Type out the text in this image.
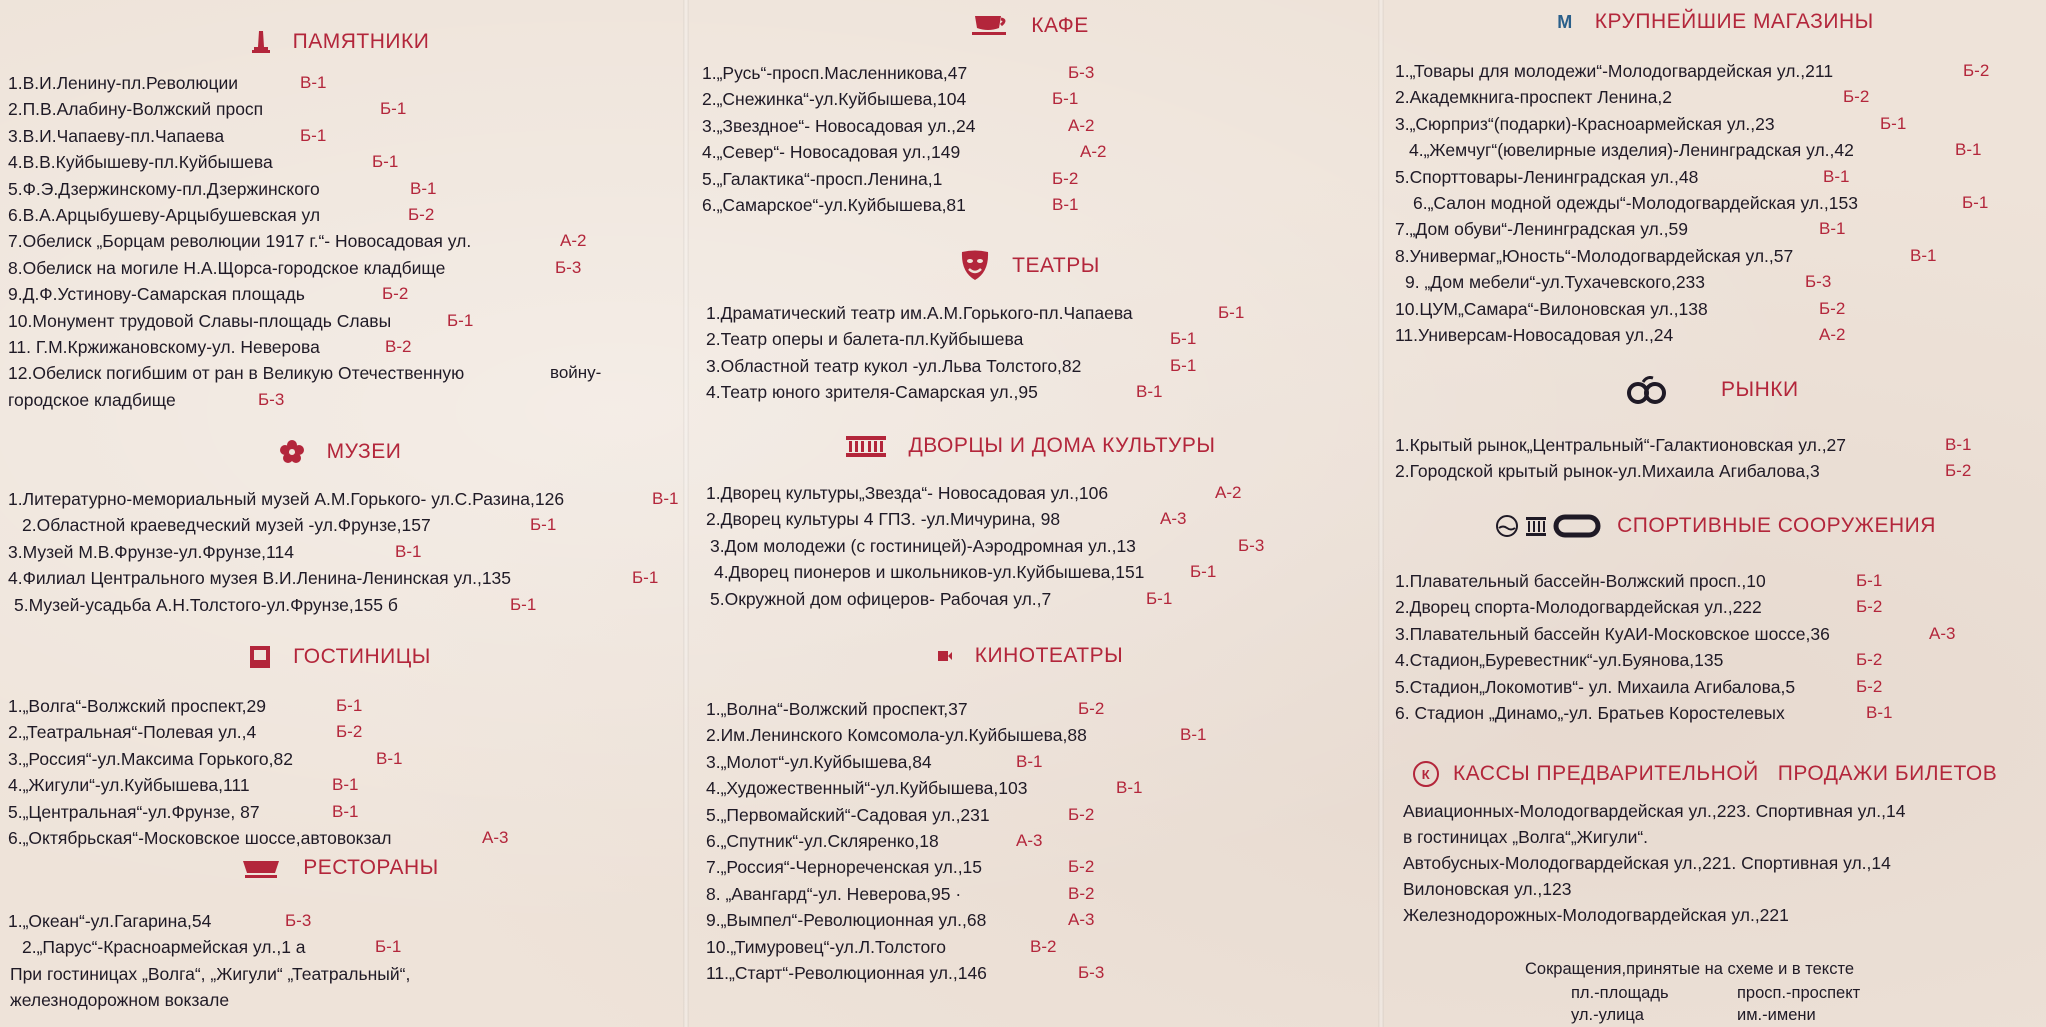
ПАМЯТНИКИ
1.В.И.Ленину-пл.Революции	В-1
2.П.В.Алабину-Волжский просп	Б-1
3.В.И.Чапаеву-пл.Чапаева	Б-1
4.В.В.Куйбышеву-пл.Куйбышева	Б-1
5.Ф.Э.Дзержинскому-пл.Дзержинского	В-1
6.В.А.Арцыбушеву-Арцыбушевская ул	Б-2
7.Обелиск „Борцам революции 1917 г.“- Новосадовая ул.	А-2
8.Обелиск на могиле Н.А.Щорса-городское кладбище	Б-3
9.Д.Ф.Устинову-Самарская площадь	Б-2
10.Монумент трудовой Славы-площадь Славы	Б-1
11. Г.М.Кржижановскому-ул. Неверова	В-2
12.Обелиск погибшим от ран в Великую Отечественную	войну-
городское кладбище	Б-3
МУЗЕИ
1.Литературно-мемориальный музей А.М.Горького- ул.С.Разина,126	В-1
2.Областной краеведческий музей -ул.Фрунзе,157	Б-1
3.Музей М.В.Фрунзе-ул.Фрунзе,114	В-1
4.Филиал Центрального музея В.И.Ленина-Ленинская ул.,135	Б-1
5.Музей-усадьба А.Н.Толстого-ул.Фрунзе,155 б	Б-1
ГОСТИНИЦЫ
1.„Волга“-Волжский проспект,29	Б-1
2.„Театральная“-Полевая ул.,4	Б-2
3.„Россия“-ул.Максима Горького,82	В-1
4.„Жигули“-ул.Куйбышева,111	В-1
5.„Центральная“-ул.Фрунзе, 87	В-1
6.„Октябрьская“-Московское шоссе,автовокзал	А-3
РЕСТОРАНЫ
1.„Океан“-ул.Гагарина,54	Б-3
2.„Парус“-Красноармейская ул.,1 а	Б-1
При гостиницах „Волга“, „Жигули“ „Театральный“,
железнодорожном вокзале
КАФЕ
1.„Русь“-просп.Масленникова,47	Б-3
2.„Снежинка“-ул.Куйбышева,104	Б-1
3.„Звездное“- Новосадовая ул.,24	А-2
4.„Север“- Новосадовая ул.,149	А-2
5.„Галактика“-просп.Ленина,1	Б-2
6.„Самарское“-ул.Куйбышева,81	В-1
ТЕАТРЫ
1.Драматический театр им.А.М.Горького-пл.Чапаева	Б-1
2.Театр оперы и балета-пл.Куйбышева	Б-1
3.Областной театр кукол -ул.Льва Толстого,82	Б-1
4.Театр юного зрителя-Самарская ул.,95	В-1
ДВОРЦЫ И ДОМА КУЛЬТУРЫ
1.Дворец культуры„Звезда“- Новосадовая ул.,106	А-2
2.Дворец культуры 4 ГПЗ. -ул.Мичурина, 98	А-3
3.Дом молодежи (с гостиницей)-Аэродромная ул.,13	Б-3
4.Дворец пионеров и школьников-ул.Куйбышева,151	Б-1
5.Окружной дом офицеров- Рабочая ул.,7	Б-1
КИНОТЕАТРЫ
1.„Волна“-Волжский проспект,37	Б-2
2.Им.Ленинского Комсомола-ул.Куйбышева,88	В-1
3.„Молот“-ул.Куйбышева,84	В-1
4.„Художественный“-ул.Куйбышева,103	В-1
5.„Первомайский“-Садовая ул.,231	Б-2
6.„Спутник“-ул.Скляренко,18	А-3
7.„Россия“-Чернореченская ул.,15	Б-2
8. „Авангард“-ул. Неверова,95 ·	В-2
9.„Вымпел“-Революционная ул.,68	А-3
10.„Тимуровец“-ул.Л.Толстого	В-2
11.„Старт“-Революционная ул.,146	Б-3
М КРУПНЕЙШИЕ МАГАЗИНЫ
1.„Товары для молодежи“-Молодогвардейская ул.,211	Б-2
2.Академкнига-проспект Ленина,2	Б-2
3.„Сюрприз“(подарки)-Красноармейская ул.,23	Б-1
4.„Жемчуг“(ювелирные изделия)-Ленинградская ул.,42	В-1
5.Спорттовары-Ленинградская ул.,48	В-1
6.„Салон модной одежды“-Молодогвардейская ул.,153	Б-1
7.„Дом обуви“-Ленинградская ул.,59	В-1
8.Универмаг„Юность“-Молодогвардейская ул.,57	В-1
9. „Дом мебели“-ул.Тухачевского,233	Б-3
10.ЦУМ„Самара“-Вилоновская ул.,138	Б-2
11.Универсам-Новосадовая ул.,24	А-2
РЫНКИ
1.Крытый рынок„Центральный“-Галактионовская ул.,27	В-1
2.Городской крытый рынок-ул.Михаила Агибалова,3	Б-2
СПОРТИВНЫЕ СООРУЖЕНИЯ
1.Плавательный бассейн-Волжский просп.,10	Б-1
2.Дворец спорта-Молодогвардейская ул.,222	Б-2
3.Плавательный бассейн КуАИ-Московское шоссе,36	А-3
4.Стадион„Буревестник“-ул.Буянова,135	Б-2
5.Стадион„Локомотив“- ул. Михаила Агибалова,5	Б-2
6. Стадион „Динамо„-ул. Братьев Коростелевых	В-1
К	КАССЫ ПРЕДВАРИТЕЛЬНОЙ   ПРОДАЖИ БИЛЕТОВ
Авиационных-Молодогвардейская ул.,223. Спортивная ул.,14
в гостиницах „Волга“„Жигули“.
Автобусных-Молодогвардейская ул.,221. Спортивная ул.,14
Вилоновская ул.,123
Железнодорожных-Молодогвардейская ул.,221
Сокращения,принятые на схеме и в тексте
пл.-площадь	просп.-проспект
ул.-улица	им.-имени
